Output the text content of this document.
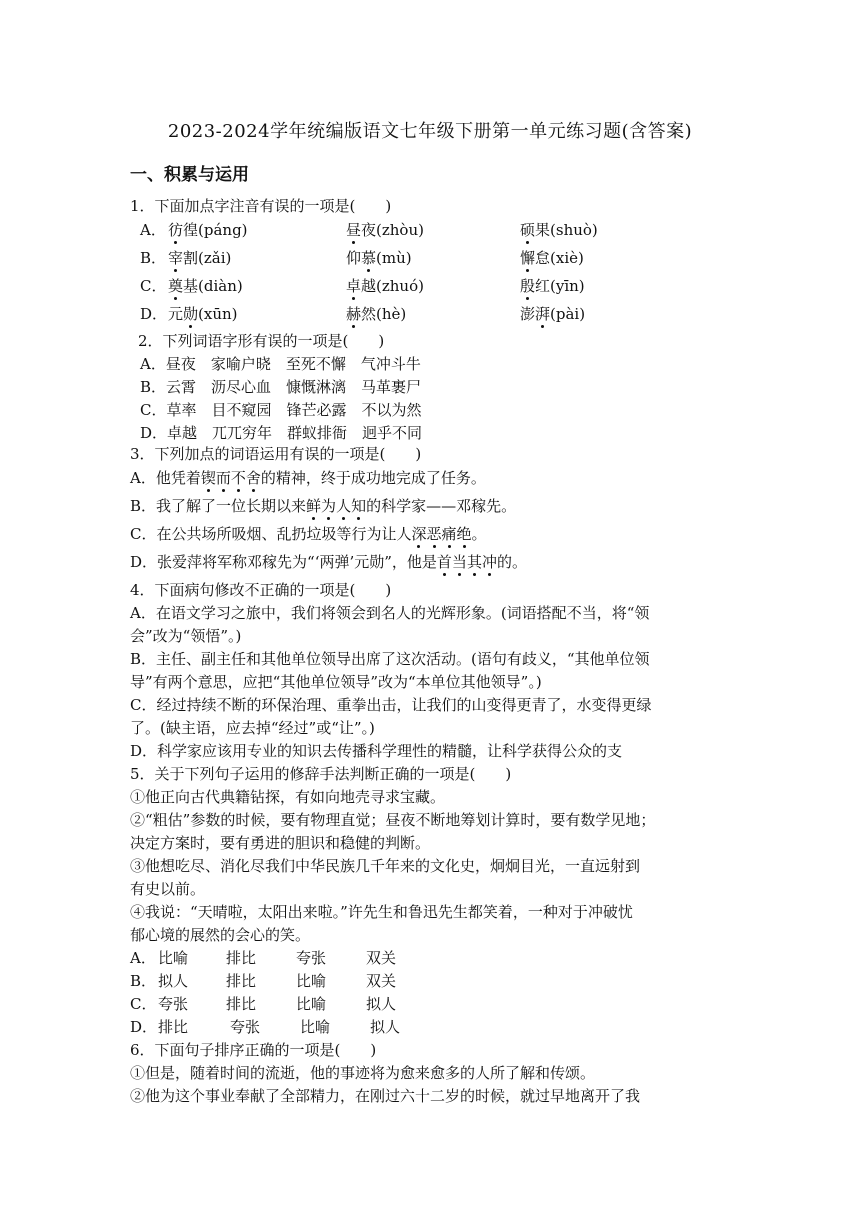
2023-2024学年统编版语文七年级下册第一单元练习题(含答案)
一、积累与运用
1．下面加点字注音有误的一项是(　　)
A． 彷徨(páng)	昼夜(zhòu)	硕果(shuò)
B． 宰割(zǎi)	仰慕(mù)	懈怠(xiè)
C． 奠基(diàn)	卓越(zhuó)	殷红(yīn)
D． 元勋(xūn)	赫然(hè)	澎湃(pài)
2．下列词语字形有误的一项是(　　)
A．昼夜　家喻户晓　至死不懈　气冲斗牛
B．云霄　沥尽心血　慷慨淋漓　马革裹尸
C．草率　目不窥园　锋芒必露　不以为然
D．卓越　兀兀穷年　群蚁排衙　迥乎不同
3．下列加点的词语运用有误的一项是(　　)
A．他凭着锲而不舍的精神，终于成功地完成了任务。
B．我了解了一位长期以来鲜为人知的科学家——邓稼先。
C．在公共场所吸烟、乱扔垃圾等行为让人深恶痛绝。
D．张爱萍将军称邓稼先为“‘两弹’元勋”，他是首当其冲的。
4．下面病句修改不正确的一项是(　　)
A．在语文学习之旅中，我们将领会到名人的光辉形象。(词语搭配不当，将“领
会”改为“领悟”。)
B．主任、副主任和其他单位领导出席了这次活动。(语句有歧义，“其他单位领
导”有两个意思，应把“其他单位领导”改为“本单位其他领导”。)
C．经过持续不断的环保治理、重拳出击，让我们的山变得更青了，水变得更绿
了。(缺主语，应去掉“经过”或“让”。)
D．科学家应该用专业的知识去传播科学理性的精髓，让科学获得公众的支
5．关于下列句子运用的修辞手法判断正确的一项是(　　)
①他正向古代典籍钻探，有如向地壳寻求宝藏。
②“粗估”参数的时候，要有物理直觉；昼夜不断地筹划计算时，要有数学见地；
决定方案时，要有勇进的胆识和稳健的判断。
③他想吃尽、消化尽我们中华民族几千年来的文化史，炯炯目光，一直远射到
有史以前。
④我说：“天晴啦，太阳出来啦。”许先生和鲁迅先生都笑着，一种对于冲破忧
郁心境的展然的会心的笑。
A． 比喻	排比	夸张	双关
B． 拟人	排比	比喻	双关
C． 夸张	排比	比喻	拟人
D． 排比	夸张	比喻	拟人
6．下面句子排序正确的一项是(　　)
①但是，随着时间的流逝，他的事迹将为愈来愈多的人所了解和传颂。
②他为这个事业奉献了全部精力，在刚过六十二岁的时候，就过早地离开了我
